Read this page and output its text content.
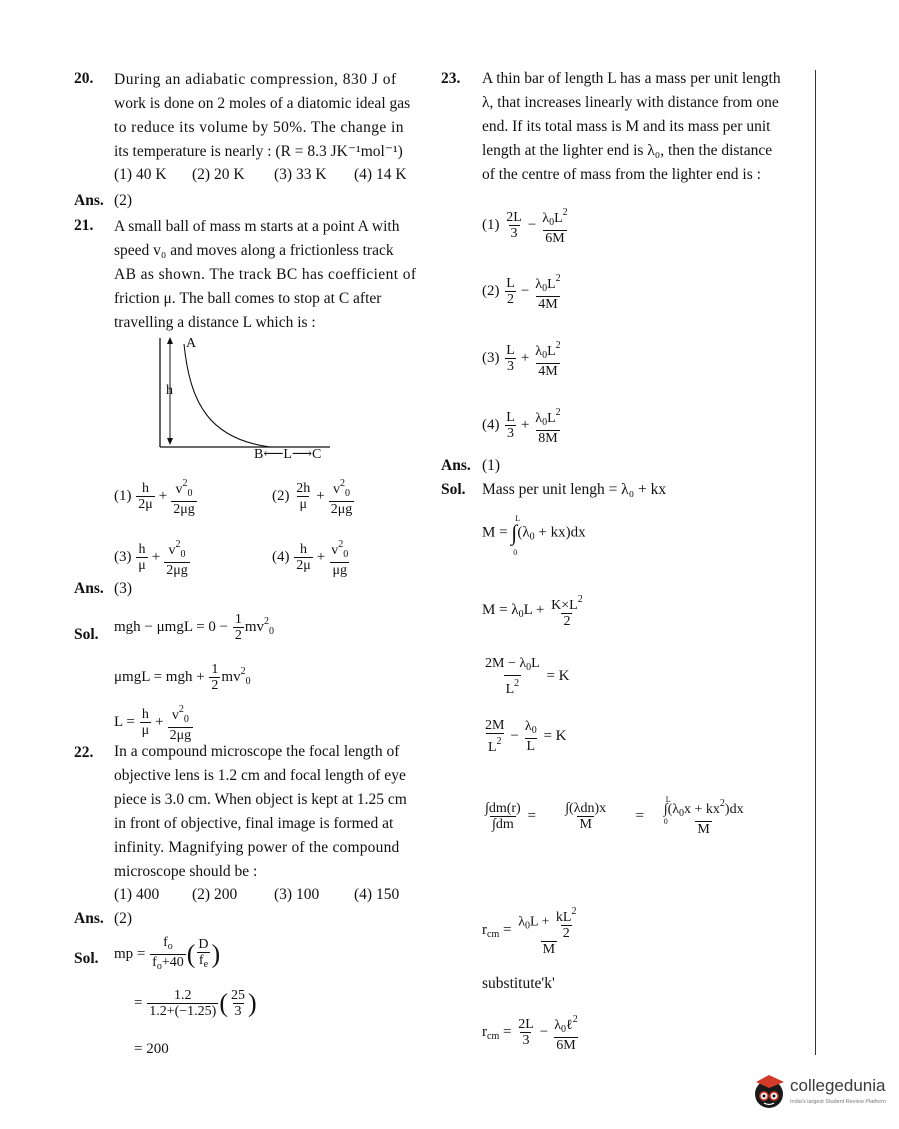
20. During an adiabatic compression, 830 J of
work is done on 2 moles of a diatomic ideal gas
to reduce its volume by 50%. The change in
its temperature is nearly : (R = 8.3 JK⁻¹mol⁻¹)
(1) 40 K (2) 20 K (3) 33 K (4) 14 K
Ans. (2)
21. A small ball of mass m starts at a point A with
speed v₀ and moves along a frictionless track
AB as shown. The track BC has coefficient of
friction μ. The ball comes to stop at C after
travelling a distance L which is :
A
h
B⟵L⟶C
$(1) \frac{h}{2\mu} + \frac{v^2_0}{2\mu g}$	$(2) \frac{2h}{\mu} + \frac{v^2_0}{2\mu g}$
$(3) \frac{h}{\mu} + \frac{v^2_0}{2\mu g}$	$(4) \frac{h}{2\mu} + \frac{v^2_0}{\mu g}$
Ans. (3)
Sol. mgh − $\mu mgL = 0 - \frac{1}{2} mv^2_0$
μmgL = mgh + $\frac{1}{2} mv^2_0$
$L = \frac{h}{\mu} + \frac{v^2_0}{2\mu g}$
22. In a compound microscope the focal length of
objective lens is 1.2 cm and focal length of eye
piece is 3.0 cm. When object is kept at 1.25 cm
in front of objective, final image is formed at
infinity. Magnifying power of the compound
microscope should be :
(1) 400 (2) 200 (3) 100 (4) 150
Ans. (2)
Sol. mp = $\frac{f_o}{f_o+40}$ ( $\frac{D}{f_e}$ )
= $\frac{1.2}{1.2+(-1.25)}$ ( $\frac{25}{3}$ )
= 200
23. A thin bar of length L has a mass per unit length
λ, that increases linearly with distance from one
end. If its total mass is M and its mass per unit
length at the lighter end is λ₀, then the distance
of the centre of mass from the lighter end is :
$(1) \frac{2L}{3} - \frac{\lambda_0L^2}{6M}$
$(2) \frac{L}{2} - \frac{\lambda_0L^2}{4M}$
$(3) \frac{L}{3} + \frac{\lambda_0L^2}{4M}$
$(4) \frac{L}{3} + \frac{\lambda_0L^2}{8M}$
Ans. (1)
Sol. Mass per unit lengh = λ₀ + kx
M = ∫
L
0
$(\lambda_0 + kx)dx$
$M = \lambda_0L + \frac{K\times L^2}{2}$
$\frac{2M - \lambda_0L}{L^2} = K$
$\frac{2M}{L^2} - \frac{\lambda_0}{L} = K$
$\frac{\int dm(r)}{\int dm} = \frac{\text{∫(λdn)x}}{M}$ = ∫
L
0
$(\lambda_0x + kx^2)dx$
M
$r_{cm} = \frac{\lambda_0L + \frac{kL^2}{2}}{M}$
substitute'k'
$r_{cm} = \frac{2L}{3} - \frac{\lambda_0\ell^2}{6M}$
collegedunia
India's largest Student Review Platform
